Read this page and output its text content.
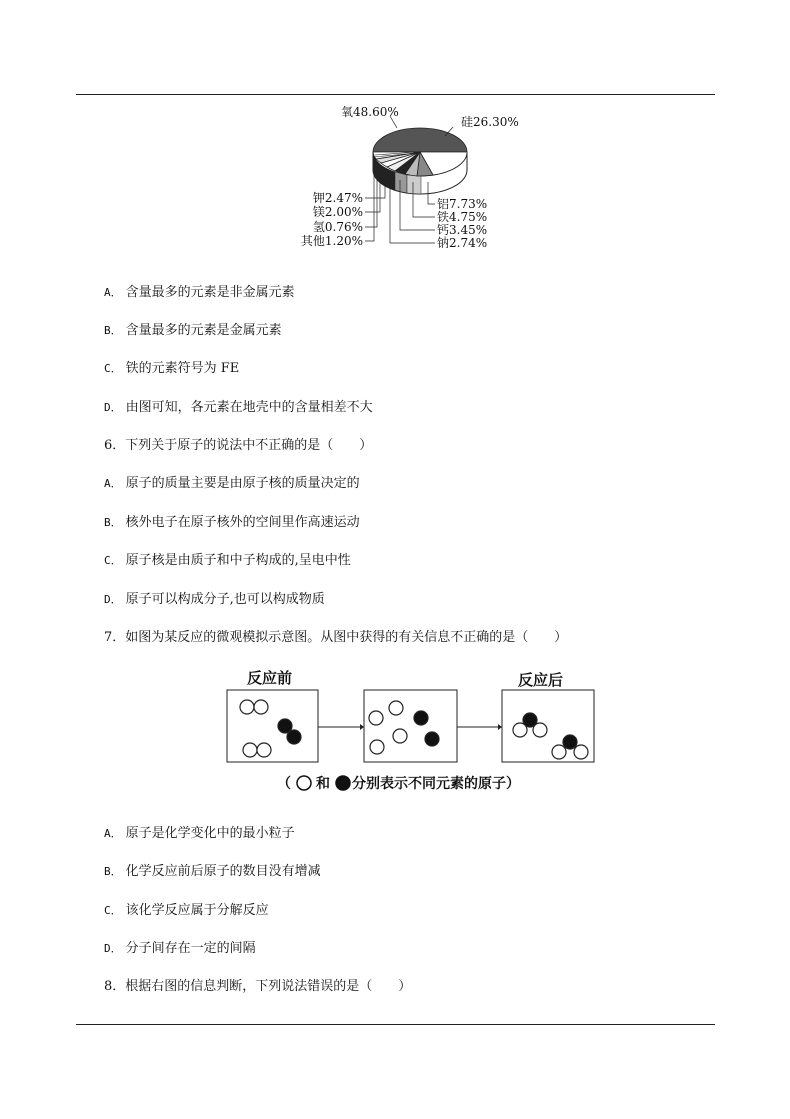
氧48.60%
硅26.30%
铝7.73%
铁4.75%
钙3.45%
钠2.74%
钾2.47%
镁2.00%
氢0.76%
其他1.20%
A． 含量最多的元素是非金属元素
B． 含量最多的元素是金属元素
C． 铁的元素符号为 FE
D． 由图可知，各元素在地壳中的含量相差不大
6．下列关于原子的说法中不正确的是（　　）
A． 原子的质量主要是由原子核的质量决定的
B． 核外电子在原子核外的空间里作高速运动
C． 原子核是由质子和中子构成的,呈电中性
D． 原子可以构成分子,也可以构成物质
7．如图为某反应的微观模拟示意图。从图中获得的有关信息不正确的是（　　）
反应前	反应后
（ 和 分别表示不同元素的原子）
A． 原子是化学变化中的最小粒子
B． 化学反应前后原子的数目没有增减
C． 该化学反应属于分解反应
D． 分子间存在一定的间隔
8．根据右图的信息判断，下列说法错误的是（　　）
